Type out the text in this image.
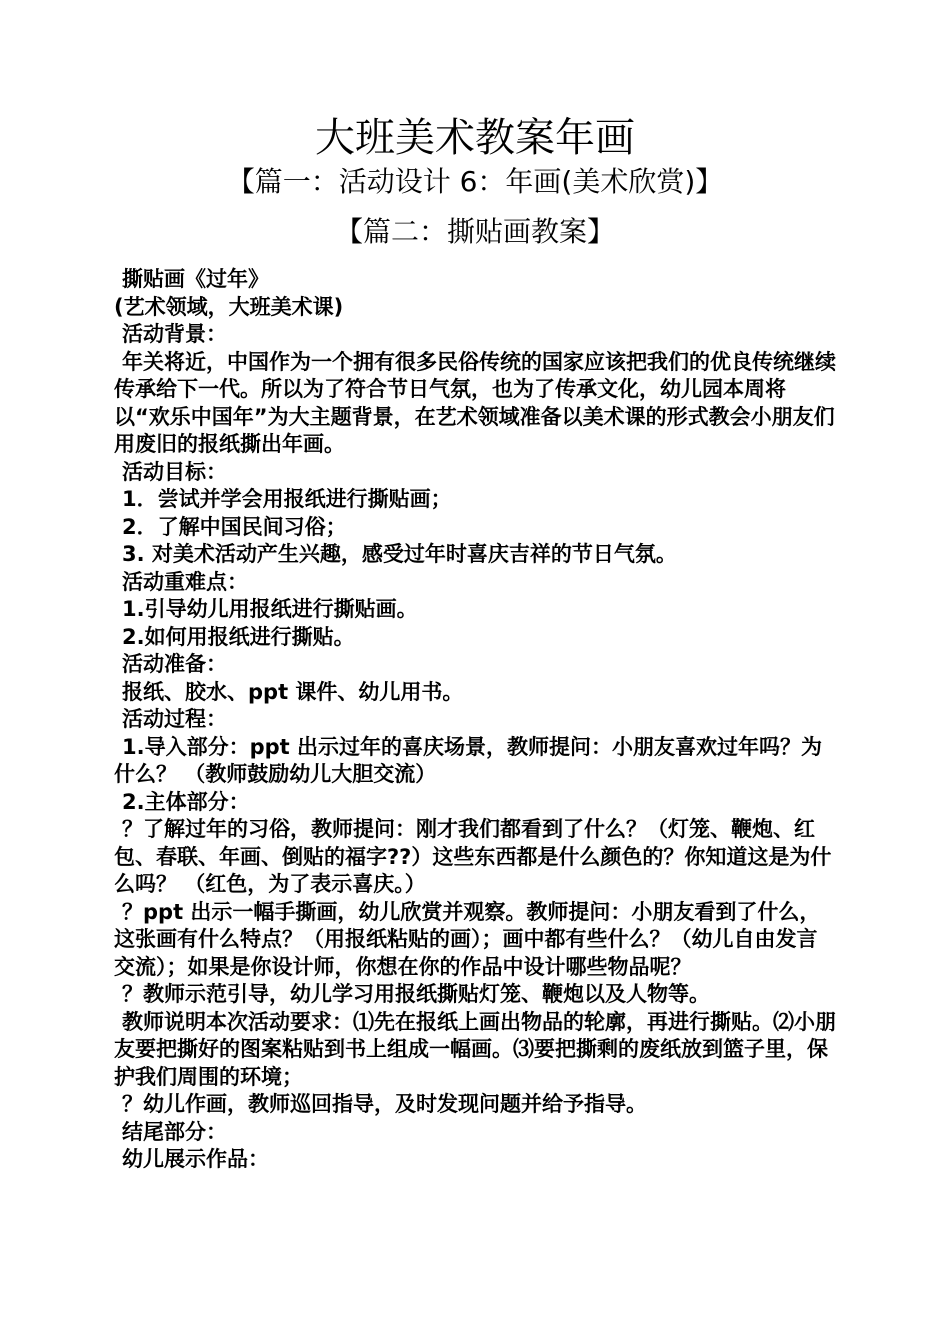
大班美术教案年画
【篇一：活动设计 6：年画(美术欣赏)】
【篇二：撕贴画教案】

撕贴画《过年》

(艺术领域，大班美术课)

活动背景：

年关将近，中国作为一个拥有很多民俗传统的国家应该把我们的优良传统继续传承给下一代。所以为了符合节日气氛，也为了传承文化，幼儿园本周将以“欢乐中国年”为大主题背景，在艺术领域准备以美术课的形式教会小朋友们用废旧的报纸撕出年画。

活动目标：

1．尝试并学会用报纸进行撕贴画；

2．了解中国民间习俗；

3. 对美术活动产生兴趣，感受过年时喜庆吉祥的节日气氛。

活动重难点：

1.引导幼儿用报纸进行撕贴画。

2.如何用报纸进行撕贴。

活动准备：

报纸、胶水、ppt 课件、幼儿用书。

活动过程：

1.导入部分：ppt 出示过年的喜庆场景，教师提问：小朋友喜欢过年吗？为什么？ （教师鼓励幼儿大胆交流）

2.主体部分：

？了解过年的习俗，教师提问：刚才我们都看到了什么？（灯笼、鞭炮、红包、春联、年画、倒贴的福字??）这些东西都是什么颜色的？你知道这是为什么吗？ （红色，为了表示喜庆。）

？ppt 出示一幅手撕画，幼儿欣赏并观察。教师提问：小朋友看到了什么，这张画有什么特点？（用报纸粘贴的画）；画中都有些什么？（幼儿自由发言交流）；如果是你设计师，你想在你的作品中设计哪些物品呢？

？教师示范引导，幼儿学习用报纸撕贴灯笼、鞭炮以及人物等。

教师说明本次活动要求：⑴先在报纸上画出物品的轮廓，再进行撕贴。⑵小朋友要把撕好的图案粘贴到书上组成一幅画。⑶要把撕剩的废纸放到篮子里，保护我们周围的环境；

？幼儿作画，教师巡回指导，及时发现问题并给予指导。

结尾部分：

幼儿展示作品：
